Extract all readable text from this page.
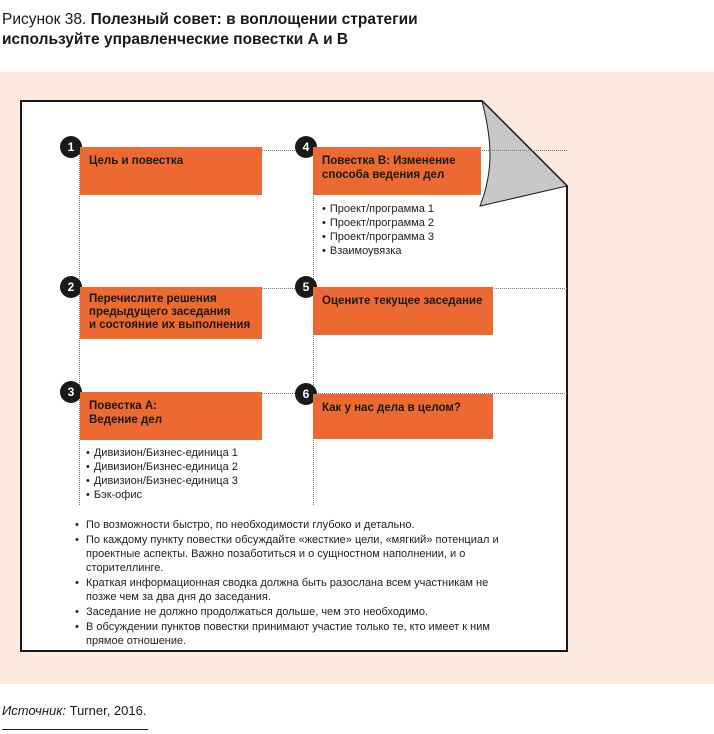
Рисунок 38. Полезный совет: в воплощении стратегии
используйте управленческие повестки А и B
1
Цель и повестка
2
Перечислите решения
предыдущего заседания
и состояние их выполнения
3
Повестка А:
Ведение дел
• Дивизион/Бизнес-единица 1
• Дивизион/Бизнес-единица 2
• Дивизион/Бизнес-единица 3
• Бэк-офис
4
Повестка B: Изменение
способа ведения дел
• Проект/программа 1
• Проект/программа 2
• Проект/программа 3
• Взаимоувязка
5
Оцените текущее заседание
6
Как у нас дела в целом?
• По возможности быстро, по необходимости глубоко и детально.
• По каждому пункту повестки обсуждайте «жесткие» цели, «мягкий» потенциал и
проектные аспекты. Важно позаботиться и о сущностном наполнении, и о
сторителлинге.
• Краткая информационная сводка должна быть разослана всем участникам не
позже чем за два дня до заседания.
• Заседание не должно продолжаться дольше, чем это необходимо.
• В обсуждении пунктов повестки принимают участие только те, кто имеет к ним
прямое отношение.
Источник: Turner, 2016.
